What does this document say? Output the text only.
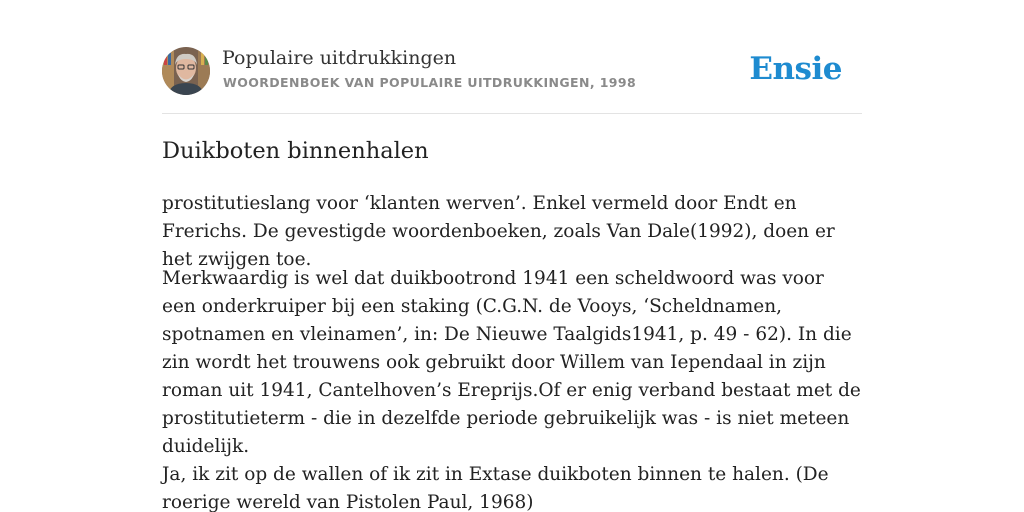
Populaire uitdrukkingen
WOORDENBOEK VAN POPULAIRE UITDRUKKINGEN, 1998	Ensie
Duikboten binnenhalen

prostitutieslang voor ‘klanten werven’. Enkel vermeld door Endt en Frerichs. De gevestigde woordenboeken, zoals Van Dale(1992), doen er het zwijgen toe.

Merkwaardig is wel dat duikbootrond 1941 een scheldwoord was voor een onderkruiper bij een staking (C.G.N. de Vooys, ‘Scheldnamen, spotnamen en vleinamen’, in: De Nieuwe Taalgids1941, p. 49 - 62). In die zin wordt het trouwens ook gebruikt door Willem van Iependaal in zijn roman uit 1941, Cantelhoven’s Ereprijs.Of er enig verband bestaat met de prostitutieterm - die in dezelfde periode gebruikelijk was - is niet meteen duidelijk.

Ja, ik zit op de wallen of ik zit in Extase duikboten binnen te halen. (De roerige wereld van Pistolen Paul, 1968)
